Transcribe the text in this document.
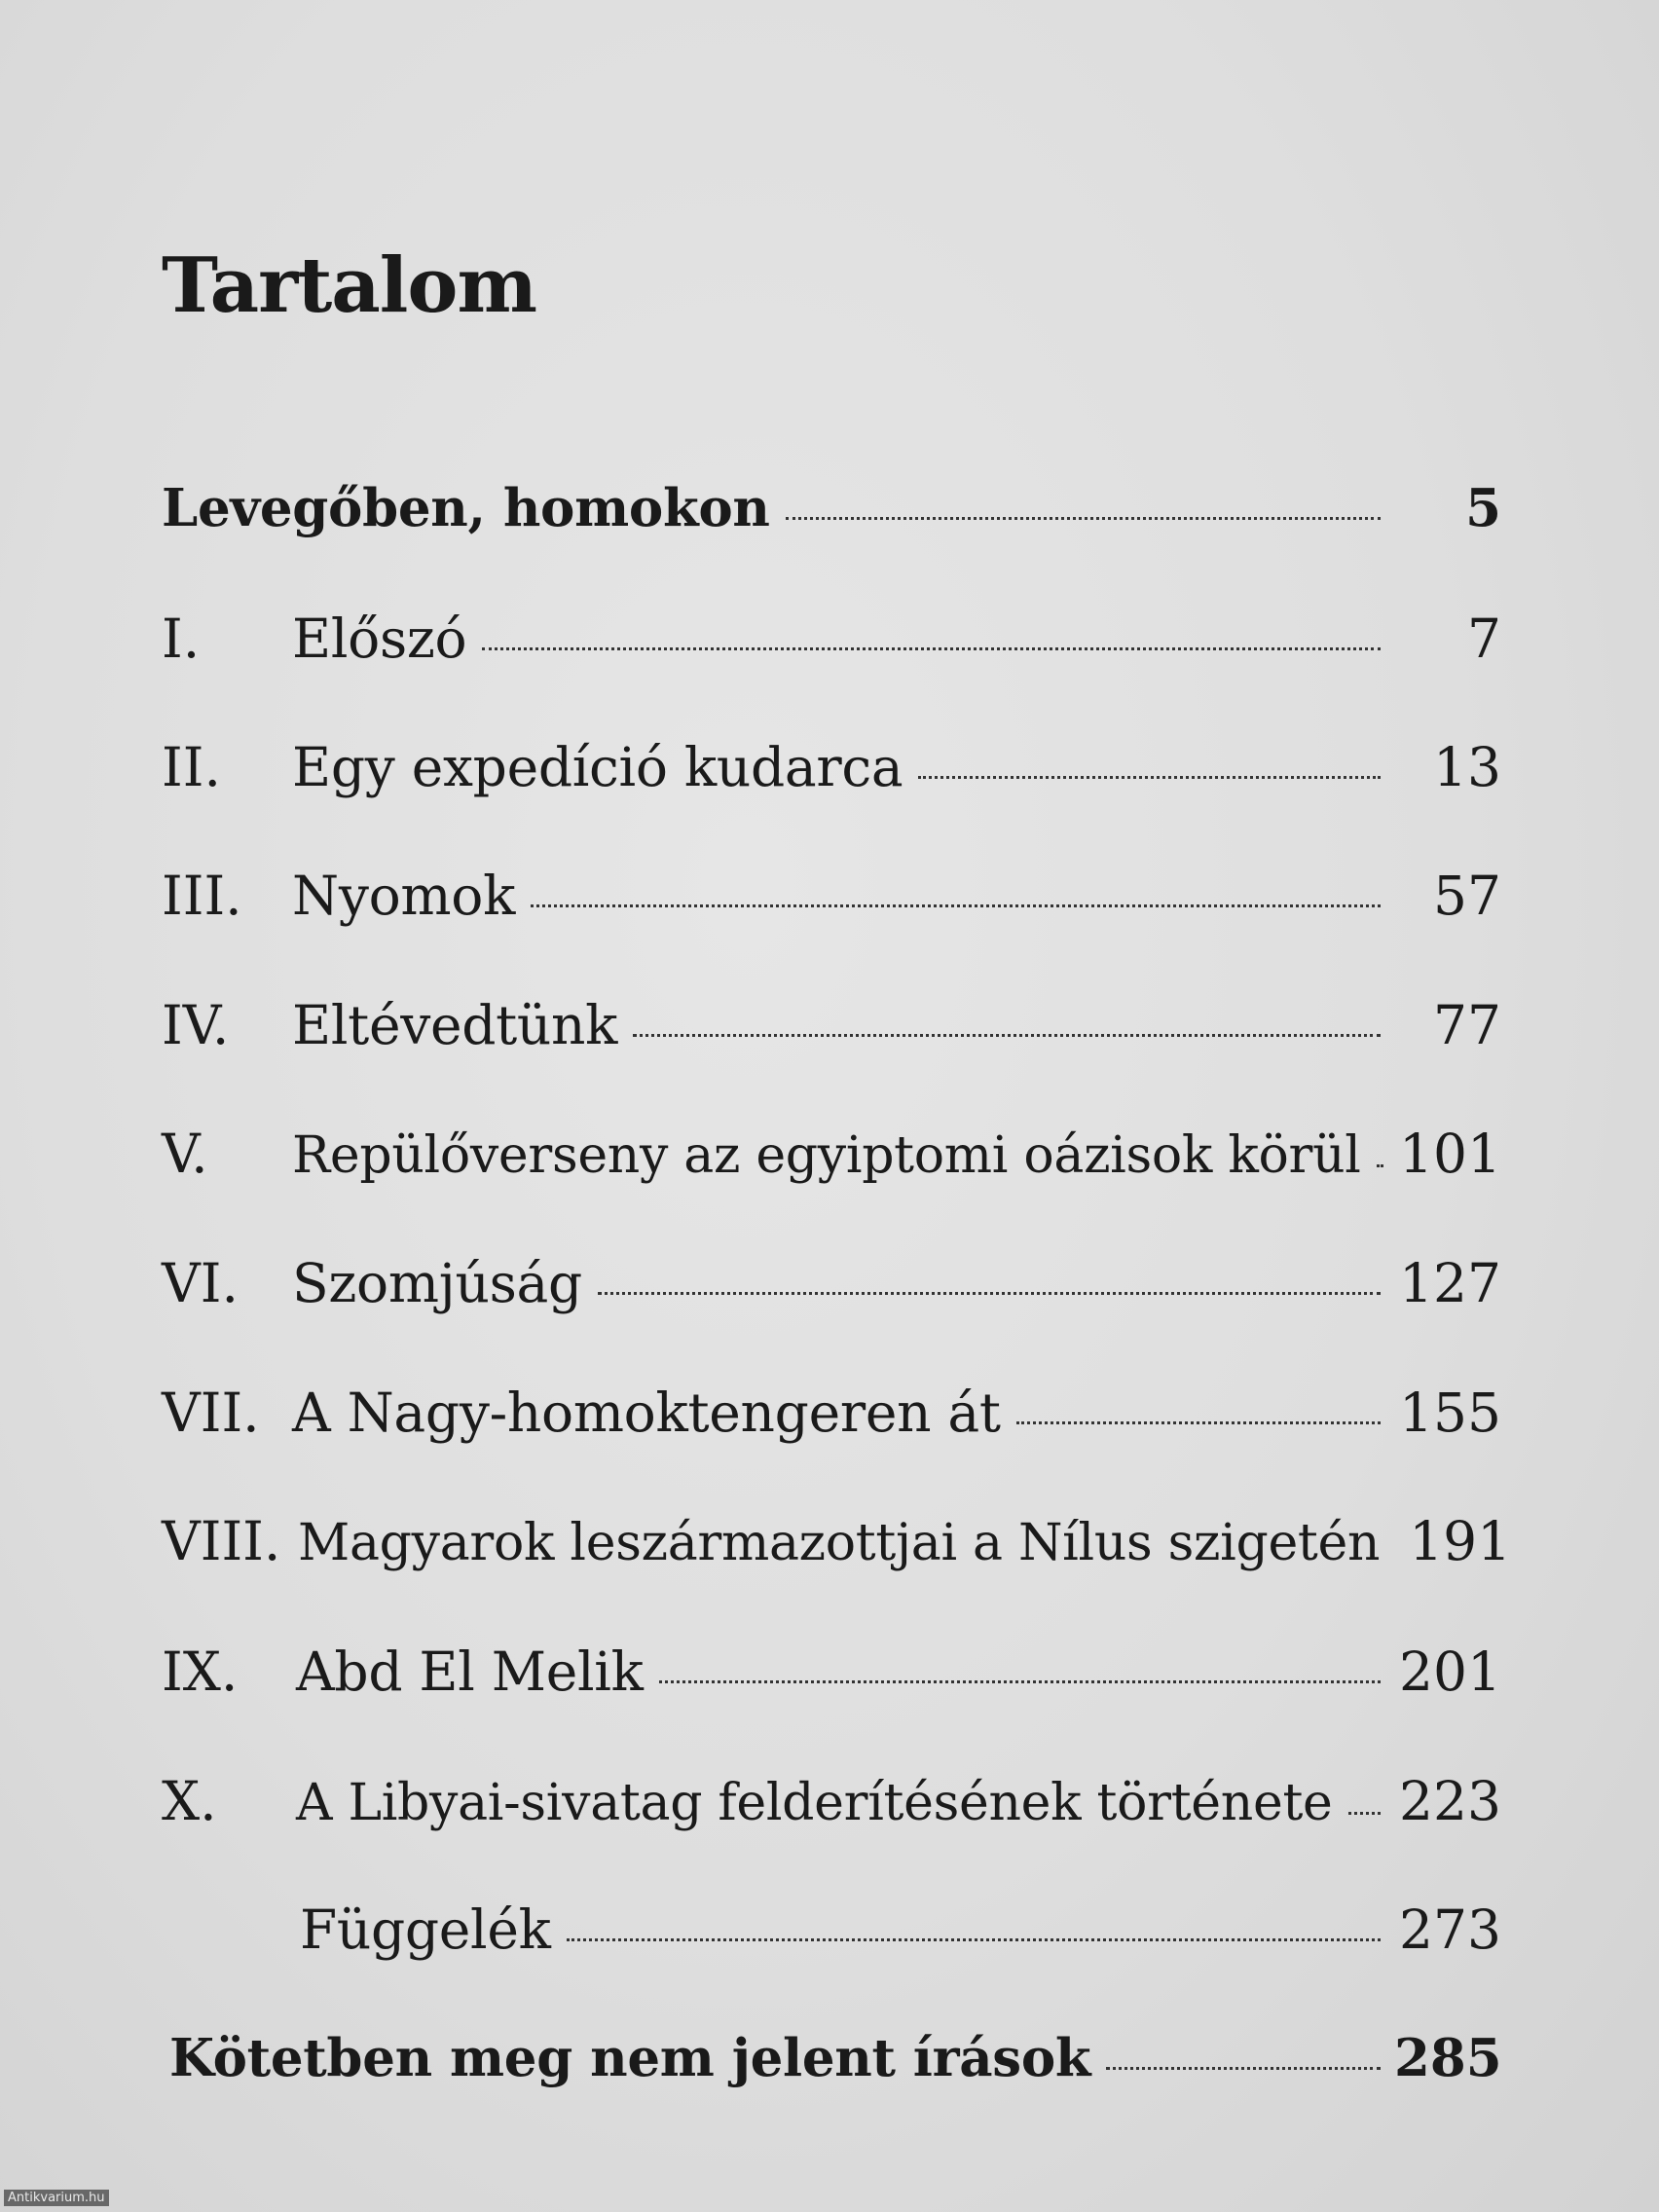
Tartalom
Levegőben, homokon	5
I. Előszó	7
II. Egy expedíció kudarca	13
III. Nyomok	57
IV. Eltévedtünk	77
V. Repülőverseny az egyiptomi oázisok körül 101
VI. Szomjúság	127
VII. A Nagy-homoktengeren át	155
VIII. Magyarok leszármazottjai a Nílus szigetén 191
IX. Abd El Melik	201
X. A Libyai-sivatag felderítésének története 223
Függelék	273
Kötetben meg nem jelent írások	285
Antikvarium.hu
